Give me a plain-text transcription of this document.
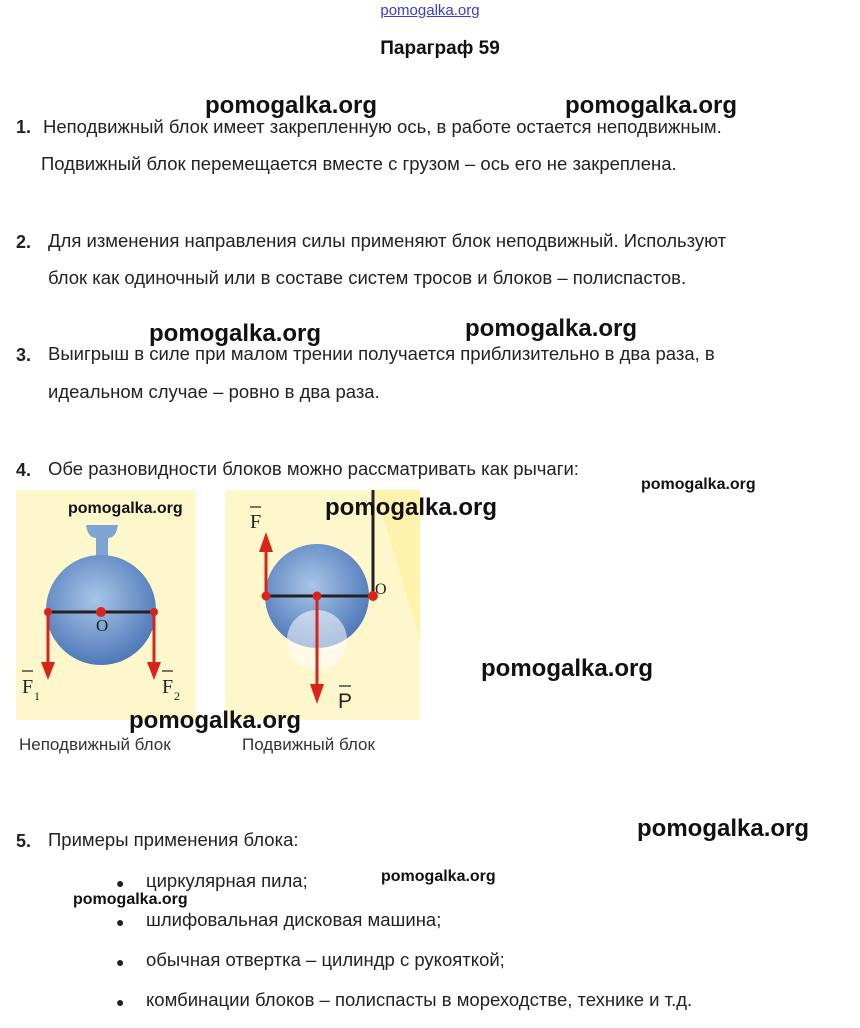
pomogalka.org
Параграф 59
1. Неподвижный блок имеет закрепленную ось, в работе остается неподвижным.
Подвижный блок перемещается вместе с грузом – ось его не закреплена.
2. Для изменения направления силы применяют блок неподвижный. Используют
блок как одиночный или в составе систем тросов и блоков – полиспастов.
3. Выигрыш в силе при малом трении получается приблизительно в два раза, в
идеальном случае – ровно в два раза.
4. Обе разновидности блоков можно рассматривать как рычаги:
O
F 1	F 2
O
F
P
Неподвижный блок	Подвижный блок
5. Примеры применения блока:
● циркулярная пила;
● шлифовальная дисковая машина;
● обычная отвертка – цилиндр с рукояткой;
● комбинации блоков – полиспасты в мореходстве, технике и т.д.
pomogalka.org	pomogalka.org
pomogalka.org	pomogalka.org
pomogalka.org
pomogalka.org	pomogalka.org
pomogalka.org
pomogalka.org
pomogalka.org
pomogalka.org
pomogalka.org
